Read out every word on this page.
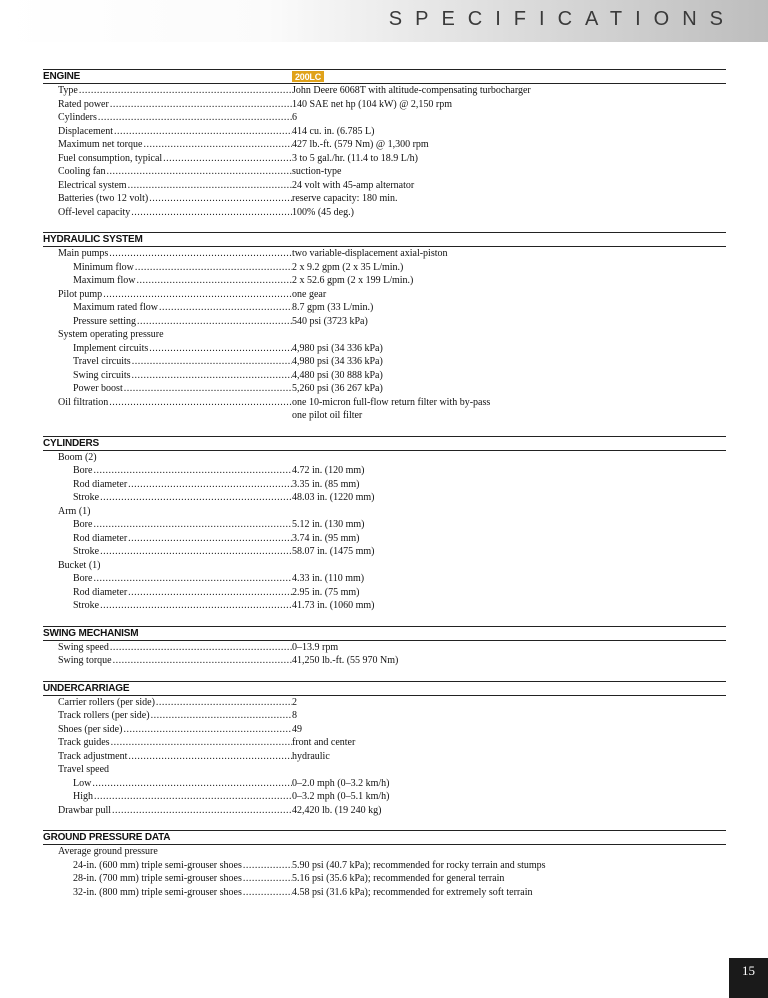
SPECIFICATIONS
ENGINE	200LC
Type .....	John Deere 6068T with altitude-compensating turbocharger
Rated power .....	140 SAE net hp (104 kW) @ 2,150 rpm
Cylinders .....	6
Displacement .....	414 cu. in. (6.785 L)
Maximum net torque .....	427 lb.-ft. (579 Nm) @ 1,300 rpm
Fuel consumption, typical .....	3 to 5 gal./hr. (11.4 to 18.9 L/h)
Cooling fan .....	suction-type
Electrical system .....	24 volt with 45-amp alternator
Batteries (two 12 volt) .....	reserve capacity: 180 min.
Off-level capacity .....	100% (45 deg.)
HYDRAULIC SYSTEM
Main pumps .....	two variable-displacement axial-piston
Minimum flow .....	2 x 9.2 gpm (2 x 35 L/min.)
Maximum flow .....	2 x 52.6 gpm (2 x 199 L/min.)
Pilot pump .....	one gear
Maximum rated flow .....	8.7 gpm (33 L/min.)
Pressure setting .....	540 psi (3723 kPa)
System operating pressure
Implement circuits .....	4,980 psi (34 336 kPa)
Travel circuits .....	4,980 psi (34 336 kPa)
Swing circuits .....	4,480 psi (30 888 kPa)
Power boost .....	5,260 psi (36 267 kPa)
Oil filtration .....	one 10-micron full-flow return filter with by-pass
one pilot oil filter
CYLINDERS
Boom (2)
Bore .....	4.72 in. (120 mm)
Rod diameter .....	3.35 in. (85 mm)
Stroke .....	48.03 in. (1220 mm)
Arm (1)
Bore .....	5.12 in. (130 mm)
Rod diameter .....	3.74 in. (95 mm)
Stroke .....	58.07 in. (1475 mm)
Bucket (1)
Bore .....	4.33 in. (110 mm)
Rod diameter .....	2.95 in. (75 mm)
Stroke .....	41.73 in. (1060 mm)
SWING MECHANISM
Swing speed .....	0–13.9 rpm
Swing torque .....	41,250 lb.-ft. (55 970 Nm)
UNDERCARRIAGE
Carrier rollers (per side) .....	2
Track rollers (per side) .....	8
Shoes (per side) .....	49
Track guides .....	front and center
Track adjustment .....	hydraulic
Travel speed
Low .....	0–2.0 mph (0–3.2 km/h)
High .....	0–3.2 mph (0–5.1 km/h)
Drawbar pull .....	42,420 lb. (19 240 kg)
GROUND PRESSURE DATA
Average ground pressure
24-in. (600 mm) triple semi-grouser shoes .....	5.90 psi (40.7 kPa); recommended for rocky terrain and stumps
28-in. (700 mm) triple semi-grouser shoes .....	5.16 psi (35.6 kPa); recommended for general terrain
32-in. (800 mm) triple semi-grouser shoes .....	4.58 psi (31.6 kPa); recommended for extremely soft terrain
15
